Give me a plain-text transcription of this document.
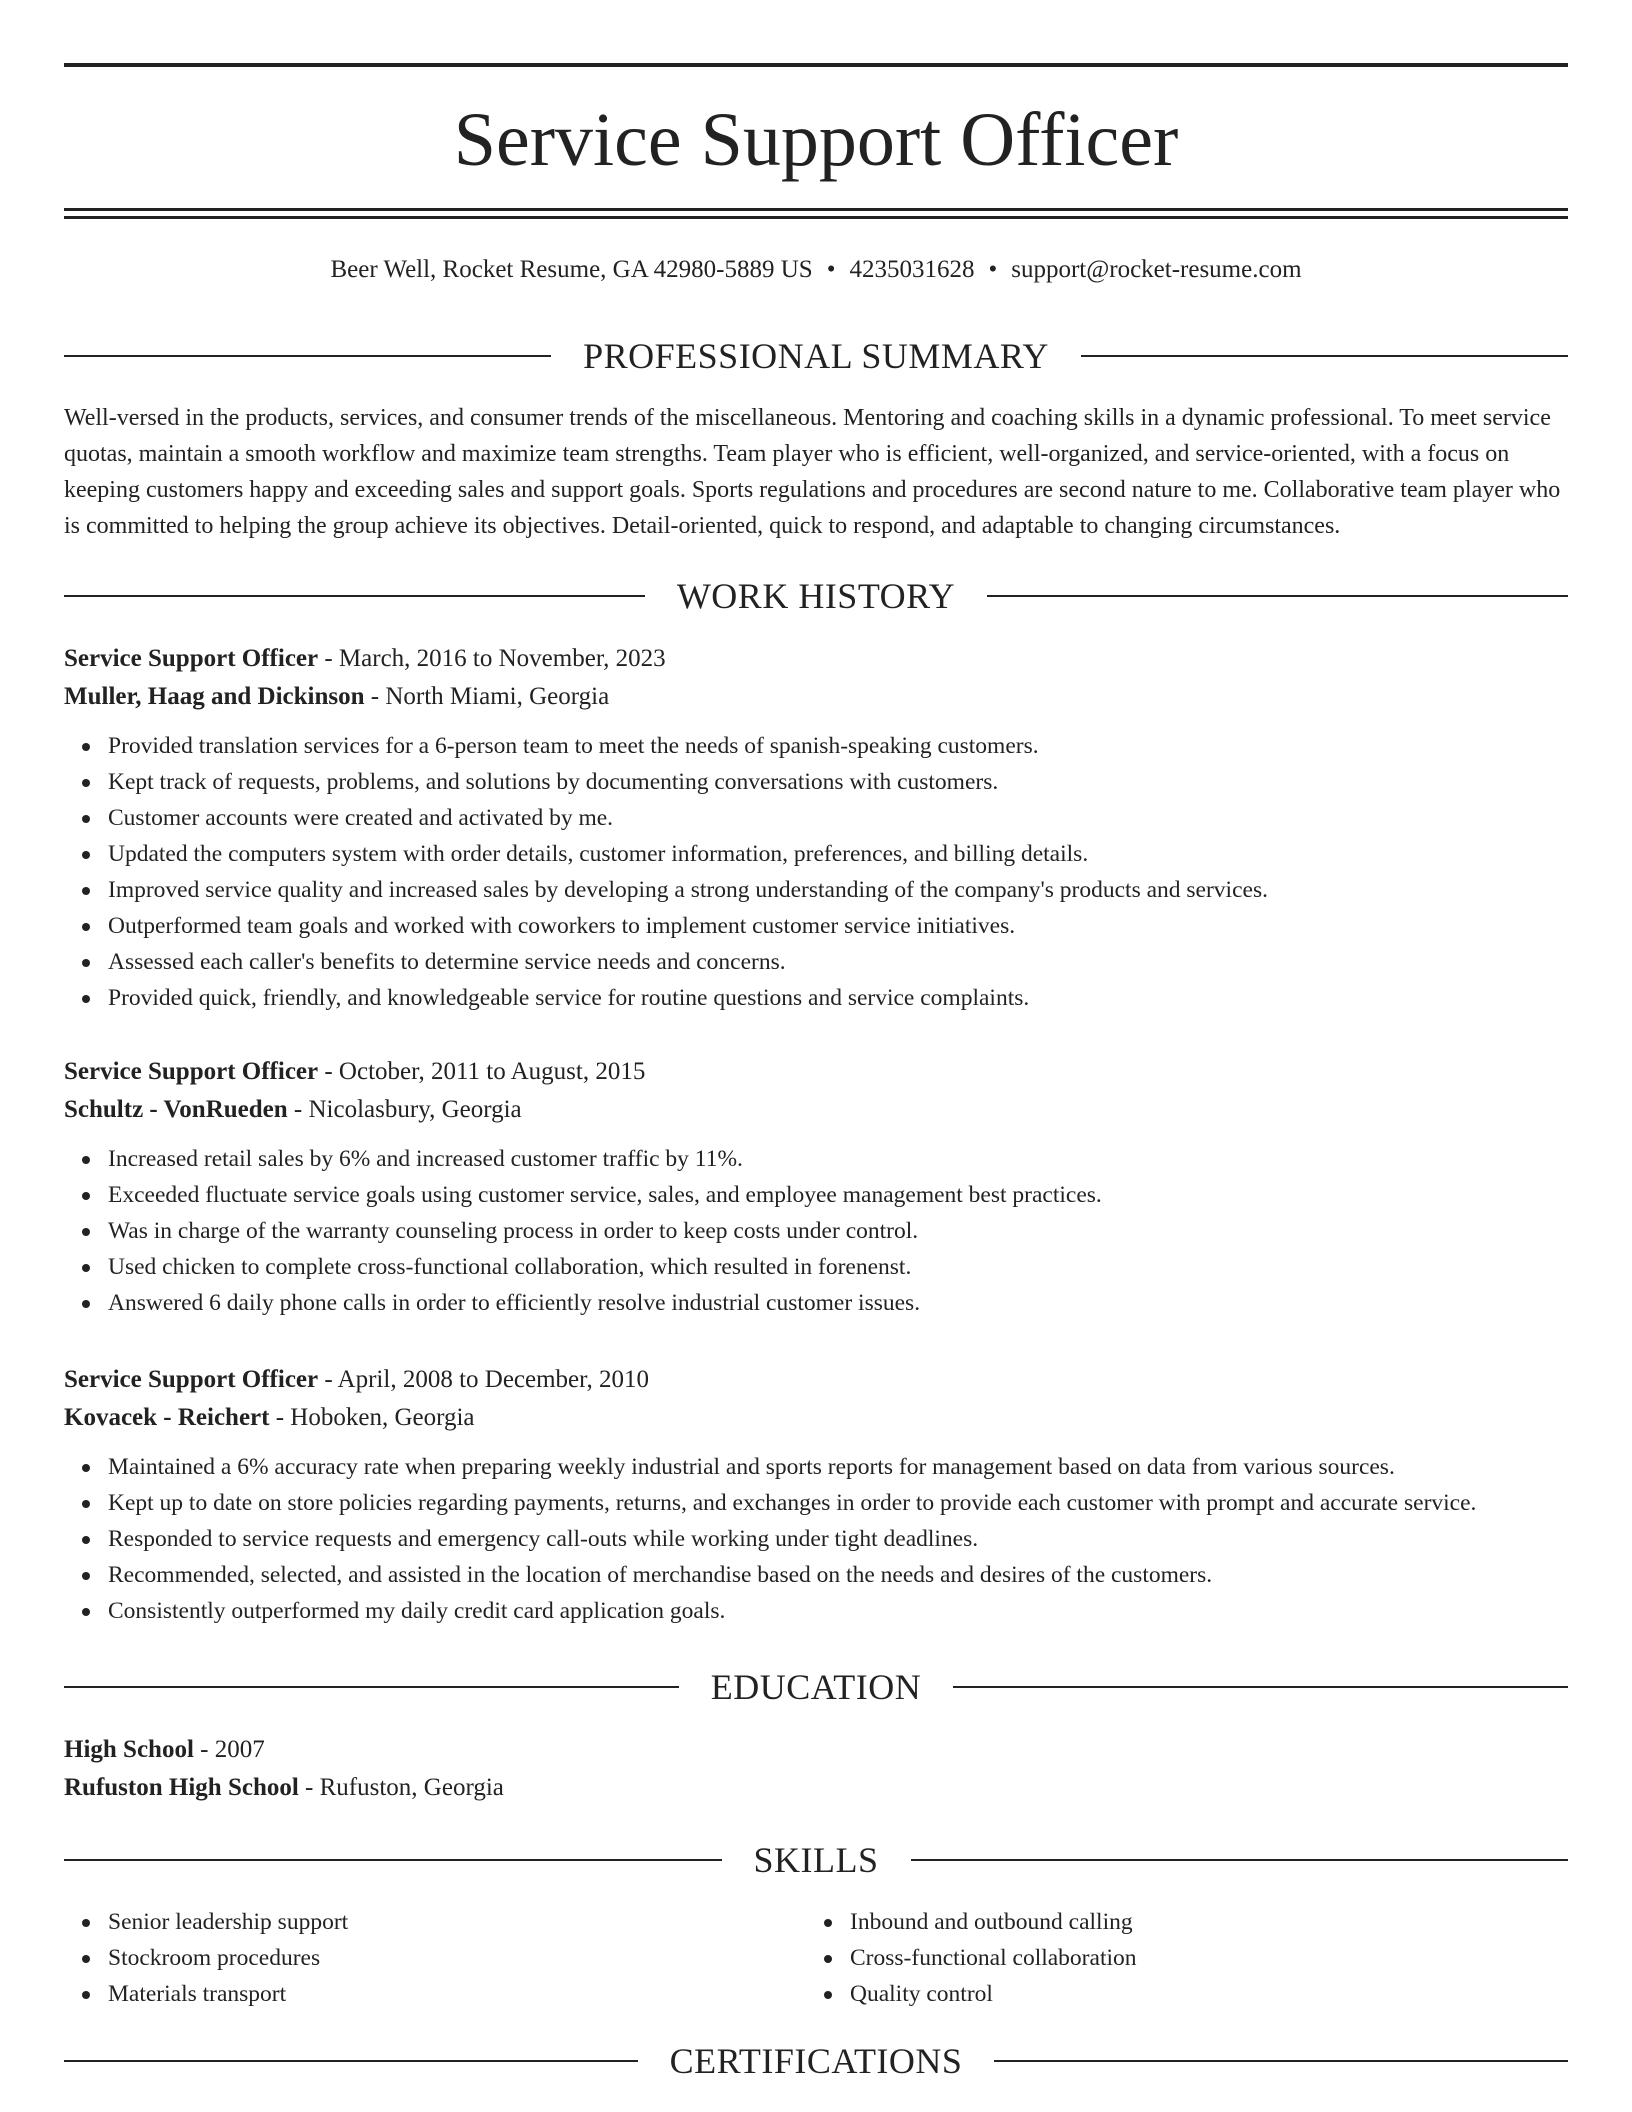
Service Support Officer
Beer Well, Rocket Resume, GA 42980-5889 US • 4235031628 • support@rocket-resume.com
PROFESSIONAL SUMMARY

Well-versed in the products, services, and consumer trends of the miscellaneous. Mentoring and coaching skills in a dynamic professional. To meet service quotas, maintain a smooth workflow and maximize team strengths. Team player who is efficient, well-organized, and service-oriented, with a focus on keeping customers happy and exceeding sales and support goals. Sports regulations and procedures are second nature to me. Collaborative team player who is committed to helping the group achieve its objectives. Detail-oriented, quick to respond, and adaptable to changing circumstances.

WORK HISTORY

Service Support Officer - March, 2016 to November, 2023

Muller, Haag and Dickinson - North Miami, Georgia

Provided translation services for a 6-person team to meet the needs of spanish-speaking customers.
Kept track of requests, problems, and solutions by documenting conversations with customers.
Customer accounts were created and activated by me.
Updated the computers system with order details, customer information, preferences, and billing details.
Improved service quality and increased sales by developing a strong understanding of the company's products and services.
Outperformed team goals and worked with coworkers to implement customer service initiatives.
Assessed each caller's benefits to determine service needs and concerns.
Provided quick, friendly, and knowledgeable service for routine questions and service complaints.

Service Support Officer - October, 2011 to August, 2015

Schultz - VonRueden - Nicolasbury, Georgia

Increased retail sales by 6% and increased customer traffic by 11%.
Exceeded fluctuate service goals using customer service, sales, and employee management best practices.
Was in charge of the warranty counseling process in order to keep costs under control.
Used chicken to complete cross-functional collaboration, which resulted in forenenst.
Answered 6 daily phone calls in order to efficiently resolve industrial customer issues.

Service Support Officer - April, 2008 to December, 2010

Kovacek - Reichert - Hoboken, Georgia

Maintained a 6% accuracy rate when preparing weekly industrial and sports reports for management based on data from various sources.
Kept up to date on store policies regarding payments, returns, and exchanges in order to provide each customer with prompt and accurate service.
Responded to service requests and emergency call-outs while working under tight deadlines.
Recommended, selected, and assisted in the location of merchandise based on the needs and desires of the customers.
Consistently outperformed my daily credit card application goals.
EDUCATION

High School - 2007

Rufuston High School - Rufuston, Georgia

SKILLS
Senior leadership support
Stockroom procedures
Materials transport
Inbound and outbound calling
Cross-functional collaboration
Quality control
CERTIFICATIONS
